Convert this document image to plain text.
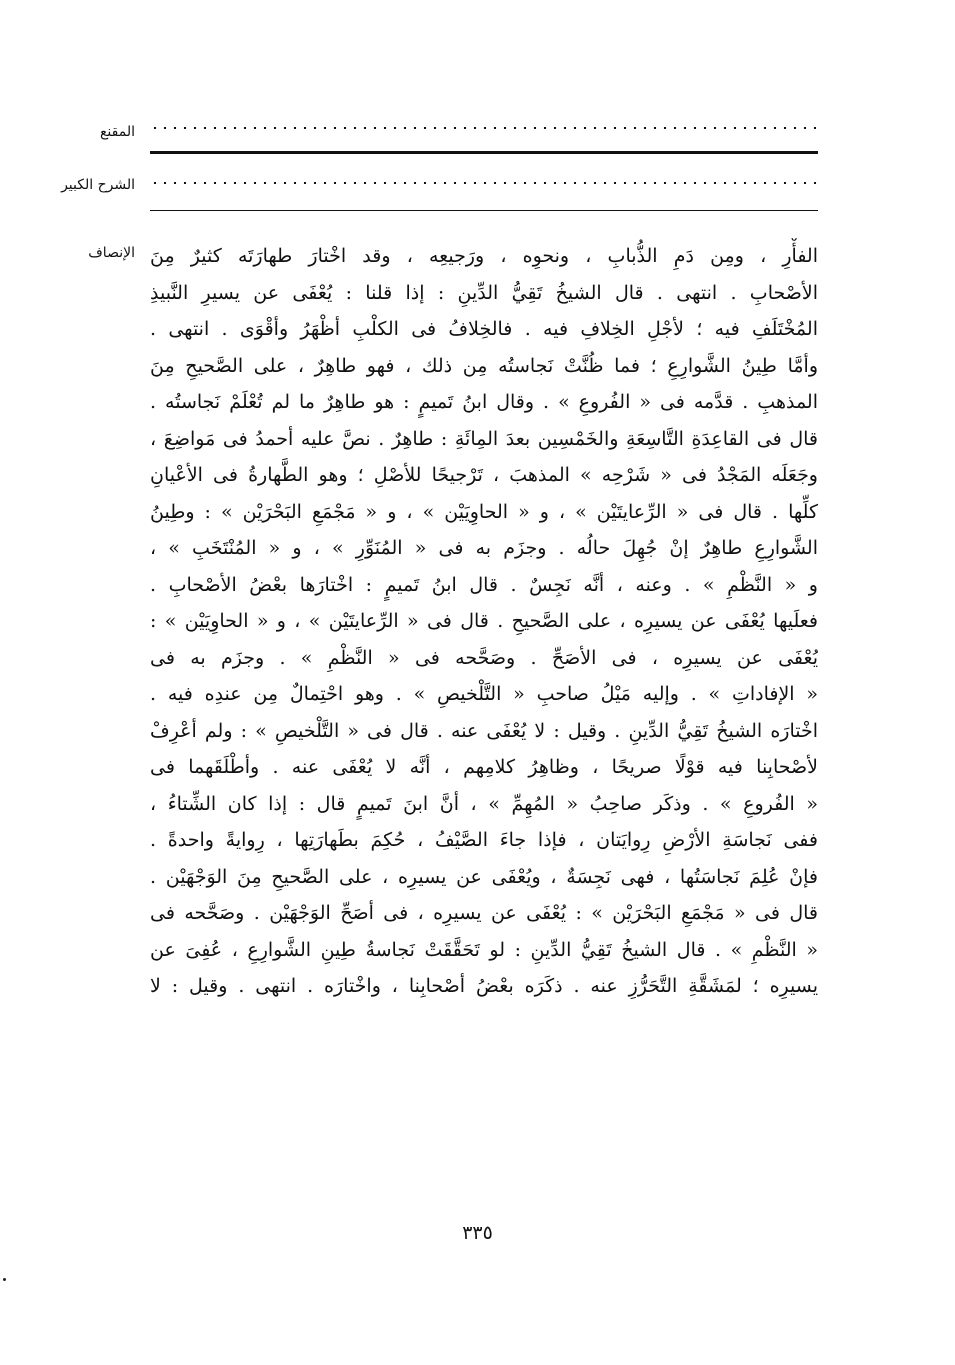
المقنع
الشرح الكبير
الإنصاف الفأْرِ ، ومِن دَمِ الذُّبابِ ، ونحوِه ، ورَجيعِه ، وقد اخْتارَ طهارَتَه كثيرٌ مِنَ
الأصْحابِ . انتهى . قال الشيخُ تَقِيُّ الدِّينِ : إذا قلنا : يُعْفَى عن يسيرِ النَّبيذِ
المُخْتَلَفِ فيه ؛ لأجْلِ الخِلافِ فيه . فالخِلافُ فى الكلْبِ أظْهَرُ وأقْوَى . انتهى .
وأمَّا طِينُ الشَّوارِعِ ؛ فما ظُنَّتْ نَجاستُه مِن ذلك ، فهو طاهِرٌ ، على الصَّحيحِ مِنَ
المذهبِ . قدَّمه فى « الفُروعِ » . وقال ابنُ تَميمٍ : هو طاهِرٌ ما لم تُعْلَمْ نَجاستُه .
قال فى القاعِدَةِ التَّاسِعَةِ والخَمْسِين بعدَ المِائَةِ : طاهِرٌ . نصَّ عليه أحمدُ فى مَواضِعَ ،
وجَعَلَه المَجْدُ فى « شَرْحِه » المذهبَ ، تَرْجيحًا للأصْلِ ؛ وهو الطَّهارةُ فى الأعْيانِ
كلِّها . قال فى « الرِّعايتَيْن » ، و « الحاوِيَيْن » ، و « مَجْمَعِ البَحْرَيْن » : وطِينُ
الشَّوارِعِ طاهِرٌ إنْ جُهِلَ حالُه . وجزَم به فى « المُنَوِّرِ » ، و « المُنْتَخَبِ » ،
و « النَّظْمِ » . وعنه ، أنَّه نَجِسٌ . قال ابنُ تَميمٍ : اخْتارَها بعْضُ الأصْحابِ .
فعلَيها يُعْفَى عن يسيرِه ، على الصَّحيحِ . قال فى « الرِّعايتَيْن » ، و « الحاوِيَيْن » :
يُعْفَى عن يسيرِه ، فى الأصَحِّ . وصَحَّحه فى « النَّظْمِ » . وجزَم به فى
« الإفاداتِ » . وإليه مَيْلُ صاحبِ « التَّلْخيصِ » . وهو احْتِمالٌ مِن عندِه فيه .
اخْتارَه الشيخُ تَقِيُّ الدِّينِ . وقيل : لا يُعْفَى عنه . قال فى « التَّلْخيصِ » : ولم أعْرِفْ
لأصْحابِنا فيه قوْلًا صريحًا ، وظاهِرُ كلامِهم ، أنَّه لا يُعْفَى عنه . وأطْلَقَهما فى
« الفُروعِ » . وذكَر صاحِبُ « المُهِمِّ » ، أنَّ ابنَ تَميمٍ قال : إذا كان الشِّتاءُ ،
ففى نَجاسَةِ الأرْضِ رِوايَتان ، فإذا جاءَ الصَّيْفُ ، حُكِمَ بطَهارَتِها ، رِوايةً واحدةً .
فإنْ عُلِمَ نَجاسَتُها ، فهى نَجِسَةٌ ، ويُعْفَى عن يسيرِه ، على الصَّحيحِ مِنَ الوَجْهَيْن .
قال فى « مَجْمَعِ البَحْرَيْن » : يُعْفَى عن يسيرِه ، فى أصَحِّ الوَجْهَيْن . وصَحَّحه فى
« النَّظْمِ » . قال الشيخُ تَقِيُّ الدِّينِ : لو تَحَقَّقَتْ نَجاسةُ طِينِ الشَّوارِعِ ، عُفِىَ عن
يسيرِه ؛ لمَشَقَّةِ التَّحَرُّزِ عنه . ذكَرَه بعْضُ أصْحابِنا ، واخْتارَه . انتهى . وقيل : لا
٣٣٥
